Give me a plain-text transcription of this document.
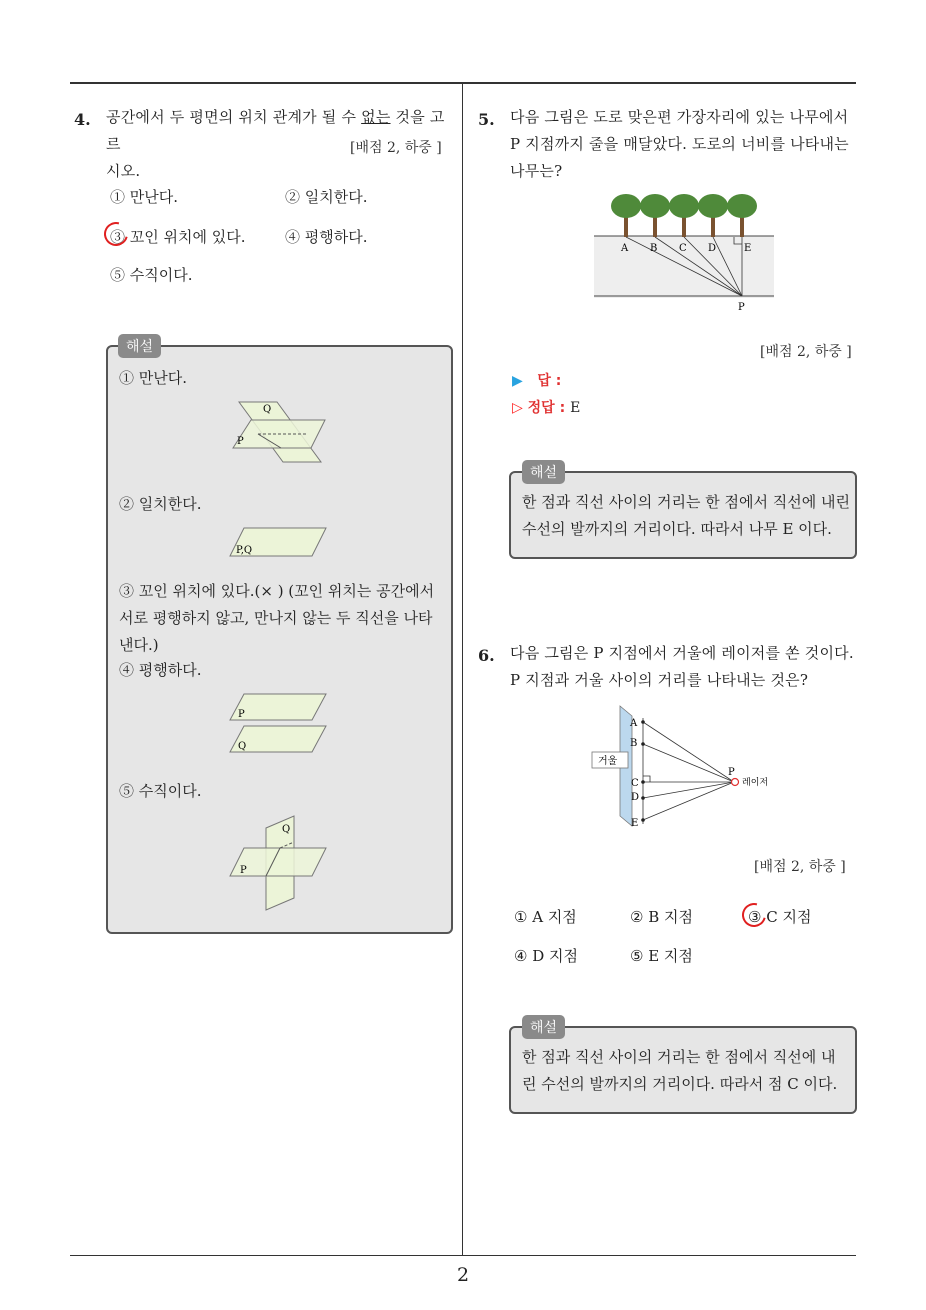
4. 공간에서 두 평면의 위치 관계가 될 수 없는 것을 고르
시오.
[배점 2, 하중 ]
① 만난다.	② 일치한다.
③ 꼬인 위치에 있다.	④ 평행하다.
⑤ 수직이다.
해설
① 만난다.
Q
P
② 일치한다.
P,Q
③ 꼬인 위치에 있다.(× ) (꼬인 위치는 공간에서
서로 평행하지 않고, 만나지 않는 두 직선을 나타
낸다.)
④ 평행하다.
P
Q
⑤ 수직이다.
Q
P
5. 다음 그림은 도로 맞은편 가장자리에 있는 나무에서
P 지점까지 줄을 매달았다. 도로의 너비를 나타내는
나무는?
A B C D	E
P
[배점 2, 하중 ]
▶ 답 :
▷ 정답 : E
해설
한 점과 직선 사이의 거리는 한 점에서 직선에 내린
수선의 발까지의 거리이다. 따라서 나무 E 이다.
6. 다음 그림은 P 지점에서 거울에 레이저를 쏜 것이다.
P 지점과 거울 사이의 거리를 나타내는 것은?
거울
A
B
C
D
E
P
레이저
[배점 2, 하중 ]
① A 지점	② B 지점	③ C 지점
④ D 지점	⑤ E 지점
해설
한 점과 직선 사이의 거리는 한 점에서 직선에 내
린 수선의 발까지의 거리이다. 따라서 점 C 이다.
2
